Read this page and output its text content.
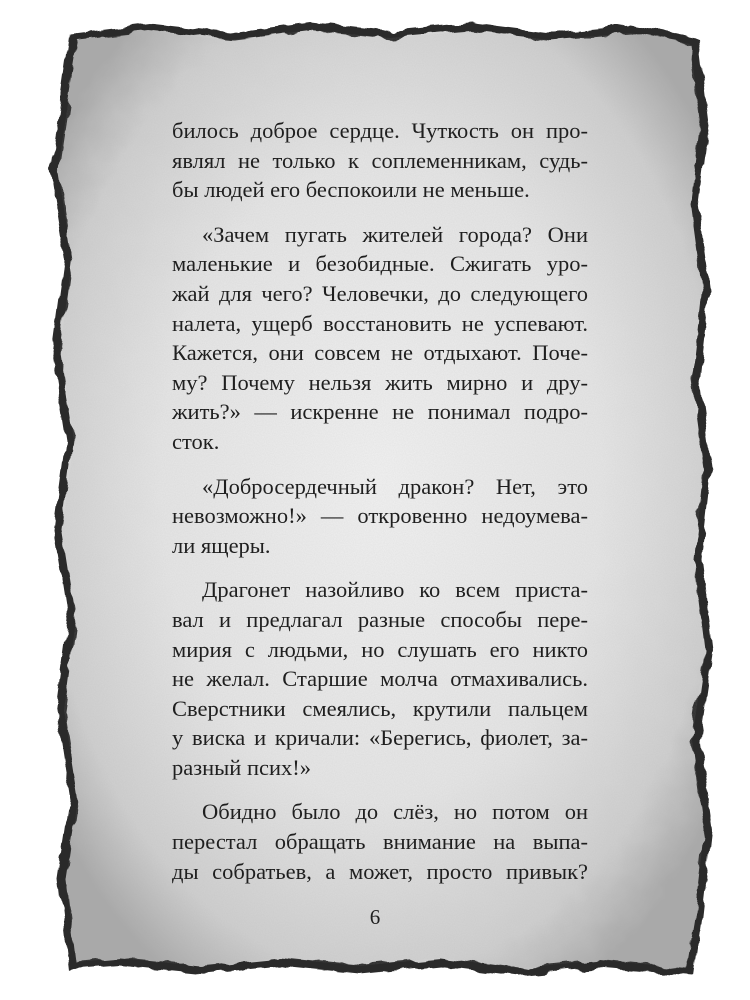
билось доброе сердце. Чуткость он про-
являл не только к соплеменникам, судь-
бы людей его беспокоили не меньше.

«Зачем пугать жителей города? Они
маленькие и безобидные. Сжигать уро-
жай для чего? Человечки, до следующего
налета, ущерб восстановить не успевают.
Кажется, они совсем не отдыхают. Поче-
му? Почему нельзя жить мирно и дру-
жить?» — искренне не понимал подро-
сток.

«Добросердечный дракон? Нет, это
невозможно!» — откровенно недоумева-
ли ящеры.

Драгонет назойливо ко всем приста-
вал и предлагал разные способы пере-
мирия с людьми, но слушать его никто
не желал. Старшие молча отмахивались.
Сверстники смеялись, крутили пальцем
у виска и кричали: «Берегись, фиолет, за-
разный псих!»

Обидно было до слёз, но потом он
перестал обращать внимание на выпа-
ды собратьев, а может, просто привык?

6
